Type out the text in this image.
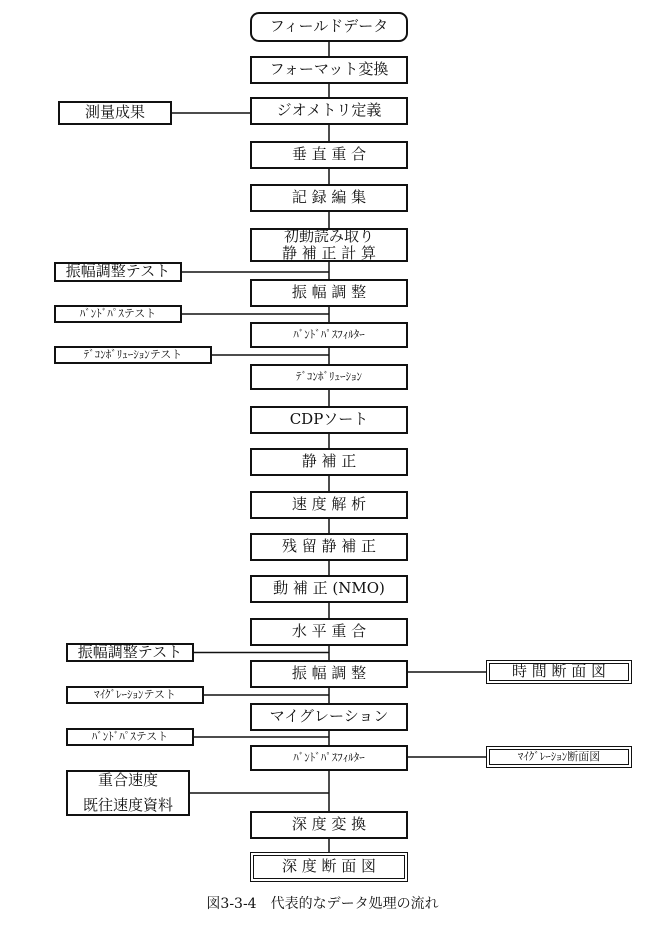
フィールドデータ
フォーマット変換
ジオメトリ定義
垂 直 重 合
記 録 編 集
初動読み取り
静 補 正 計 算
振 幅 調 整
ﾊﾞﾝﾄﾞﾊﾟｽﾌｨﾙﾀｰ
ﾃﾞｺﾝﾎﾞﾘｭｰｼｮﾝ
CDPソート
静 補 正
速 度 解 析
残 留 静 補 正
動 補 正 (NMO)
水 平 重 合
振 幅 調 整
マイグレーション
ﾊﾞﾝﾄﾞﾊﾟｽﾌｨﾙﾀｰ
深 度 変 換
深 度 断 面 図
測量成果
振幅調整テスト
ﾊﾞﾝﾄﾞﾊﾟｽテスト
ﾃﾞｺﾝﾎﾞﾘｭｰｼｮﾝテスト
振幅調整テスト
ﾏｲｸﾞﾚｰｼｮﾝテスト
ﾊﾞﾝﾄﾞﾊﾟｽテスト
重合速度
既往速度資料
時 間 断 面 図
ﾏｲｸﾞﾚｰｼｮﾝ断面図
図3-3-4　代表的なデータ処理の流れ
